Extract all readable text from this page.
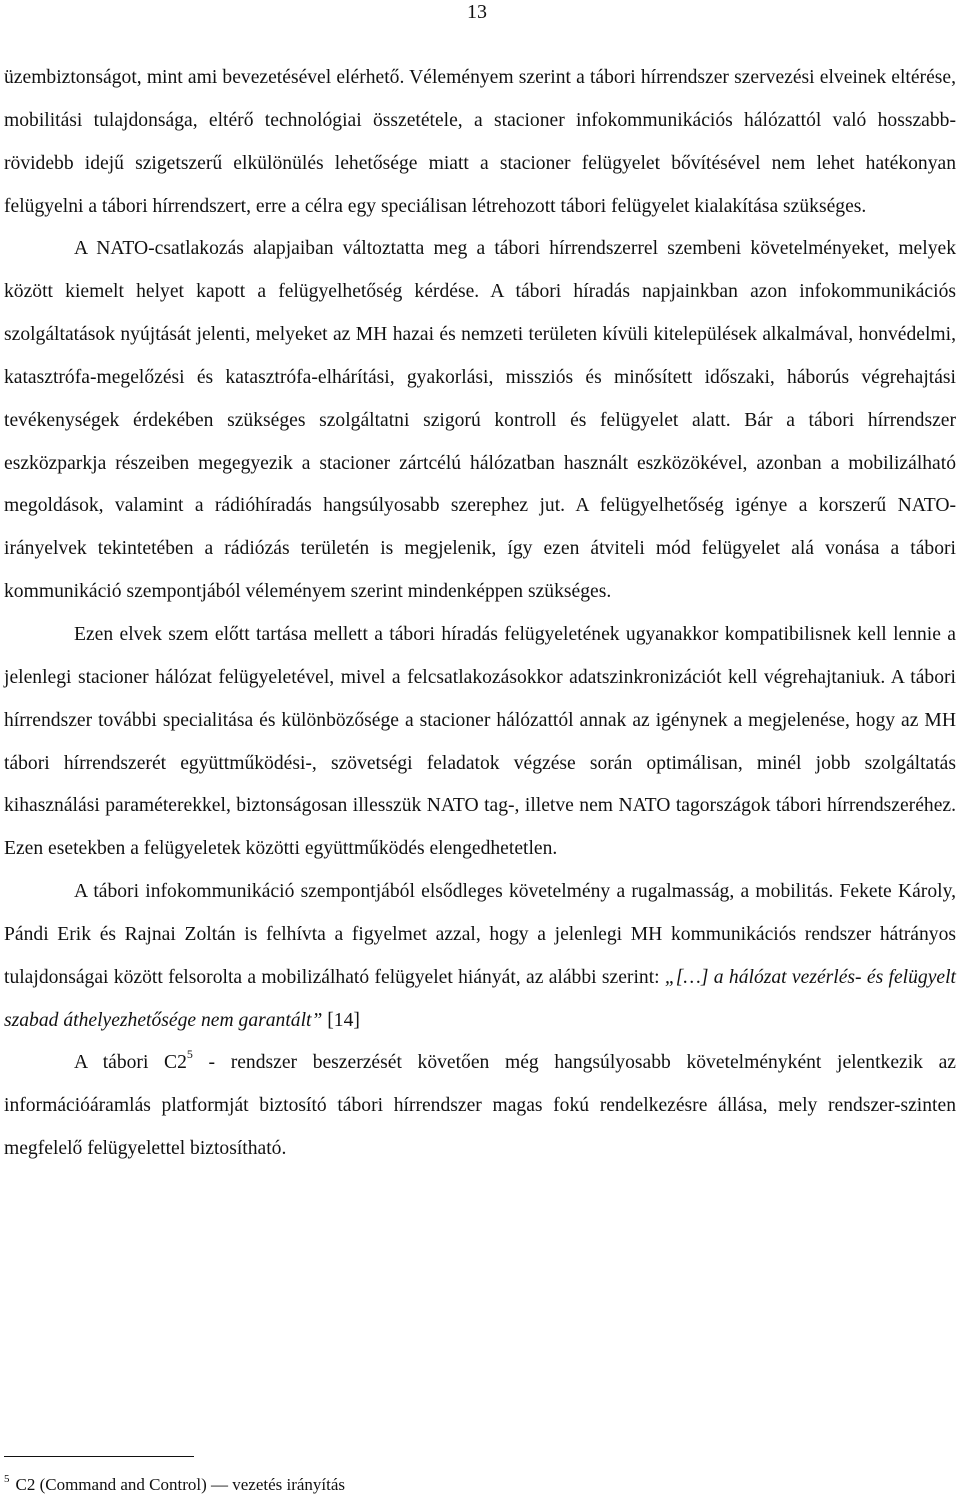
13

üzembiztonságot, mint ami bevezetésével elérhető. Véleményem szerint a tábori hírrendszer szervezési elveinek eltérése, mobilitási tulajdonsága, eltérő technológiai összetétele, a stacioner infokommunikációs hálózattól való hosszabb- rövidebb idejű szigetszerű elkülönülés lehetősége miatt a stacioner felügyelet bővítésével nem lehet hatékonyan felügyelni a tábori hírrendszert, erre a célra egy speciálisan létrehozott tábori felügyelet kialakítása szükséges.

A NATO-csatlakozás alapjaiban változtatta meg a tábori hírrendszerrel szembeni követelményeket, melyek között kiemelt helyet kapott a felügyelhetőség kérdése. A tábori híradás napjainkban azon infokommunikációs szolgáltatások nyújtását jelenti, melyeket az MH hazai és nemzeti területen kívüli kitelepülések alkalmával, honvédelmi, katasztrófa-megelőzési és katasztrófa-elhárítási, gyakorlási, missziós és minősített időszaki, háborús végrehajtási tevékenységek érdekében szükséges szolgáltatni szigorú kontroll és felügyelet alatt. Bár a tábori hírrendszer eszközparkja részeiben megegyezik a stacioner zártcélú hálózatban használt eszközökével, azonban a mobilizálható megoldások, valamint a rádióhíradás hangsúlyosabb szerephez jut. A felügyelhetőség igénye a korszerű NATO- irányelvek tekintetében a rádiózás területén is megjelenik, így ezen átviteli mód felügyelet alá vonása a tábori kommunikáció szempontjából véleményem szerint mindenképpen szükséges.

Ezen elvek szem előtt tartása mellett a tábori híradás felügyeletének ugyanakkor kompatibilisnek kell lennie a jelenlegi stacioner hálózat felügyeletével, mivel a felcsatlakozásokkor adatszinkronizációt kell végrehajtaniuk. A tábori hírrendszer további specialitása és különbözősége a stacioner hálózattól annak az igénynek a megjelenése, hogy az MH tábori hírrendszerét együttműködési-, szövetségi feladatok végzése során optimálisan, minél jobb szolgáltatás kihasználási paraméterekkel, biztonságosan illesszük NATO tag-, illetve nem NATO tagországok tábori hírrendszeréhez. Ezen esetekben a felügyeletek közötti együttműködés elengedhetetlen.

A tábori infokommunikáció szempontjából elsődleges követelmény a rugalmasság, a mobilitás. Fekete Károly, Pándi Erik és Rajnai Zoltán is felhívta a figyelmet azzal, hogy a jelenlegi MH kommunikációs rendszer hátrányos tulajdonságai között felsorolta a mobilizálható felügyelet hiányát, az alábbi szerint: „[…] a hálózat vezérlés- és felügyelt szabad áthelyezhetősége nem garantált” [14]

A tábori $C2^5$ - rendszer beszerzését követően még hangsúlyosabb követelményként jelentkezik az információáramlás platformját biztosító tábori hírrendszer magas fokú rendelkezésre állása, mely rendszer-szinten megfelelő felügyelettel biztosítható.

$^5$ C2 (Command and Control) — vezetés irányítás
